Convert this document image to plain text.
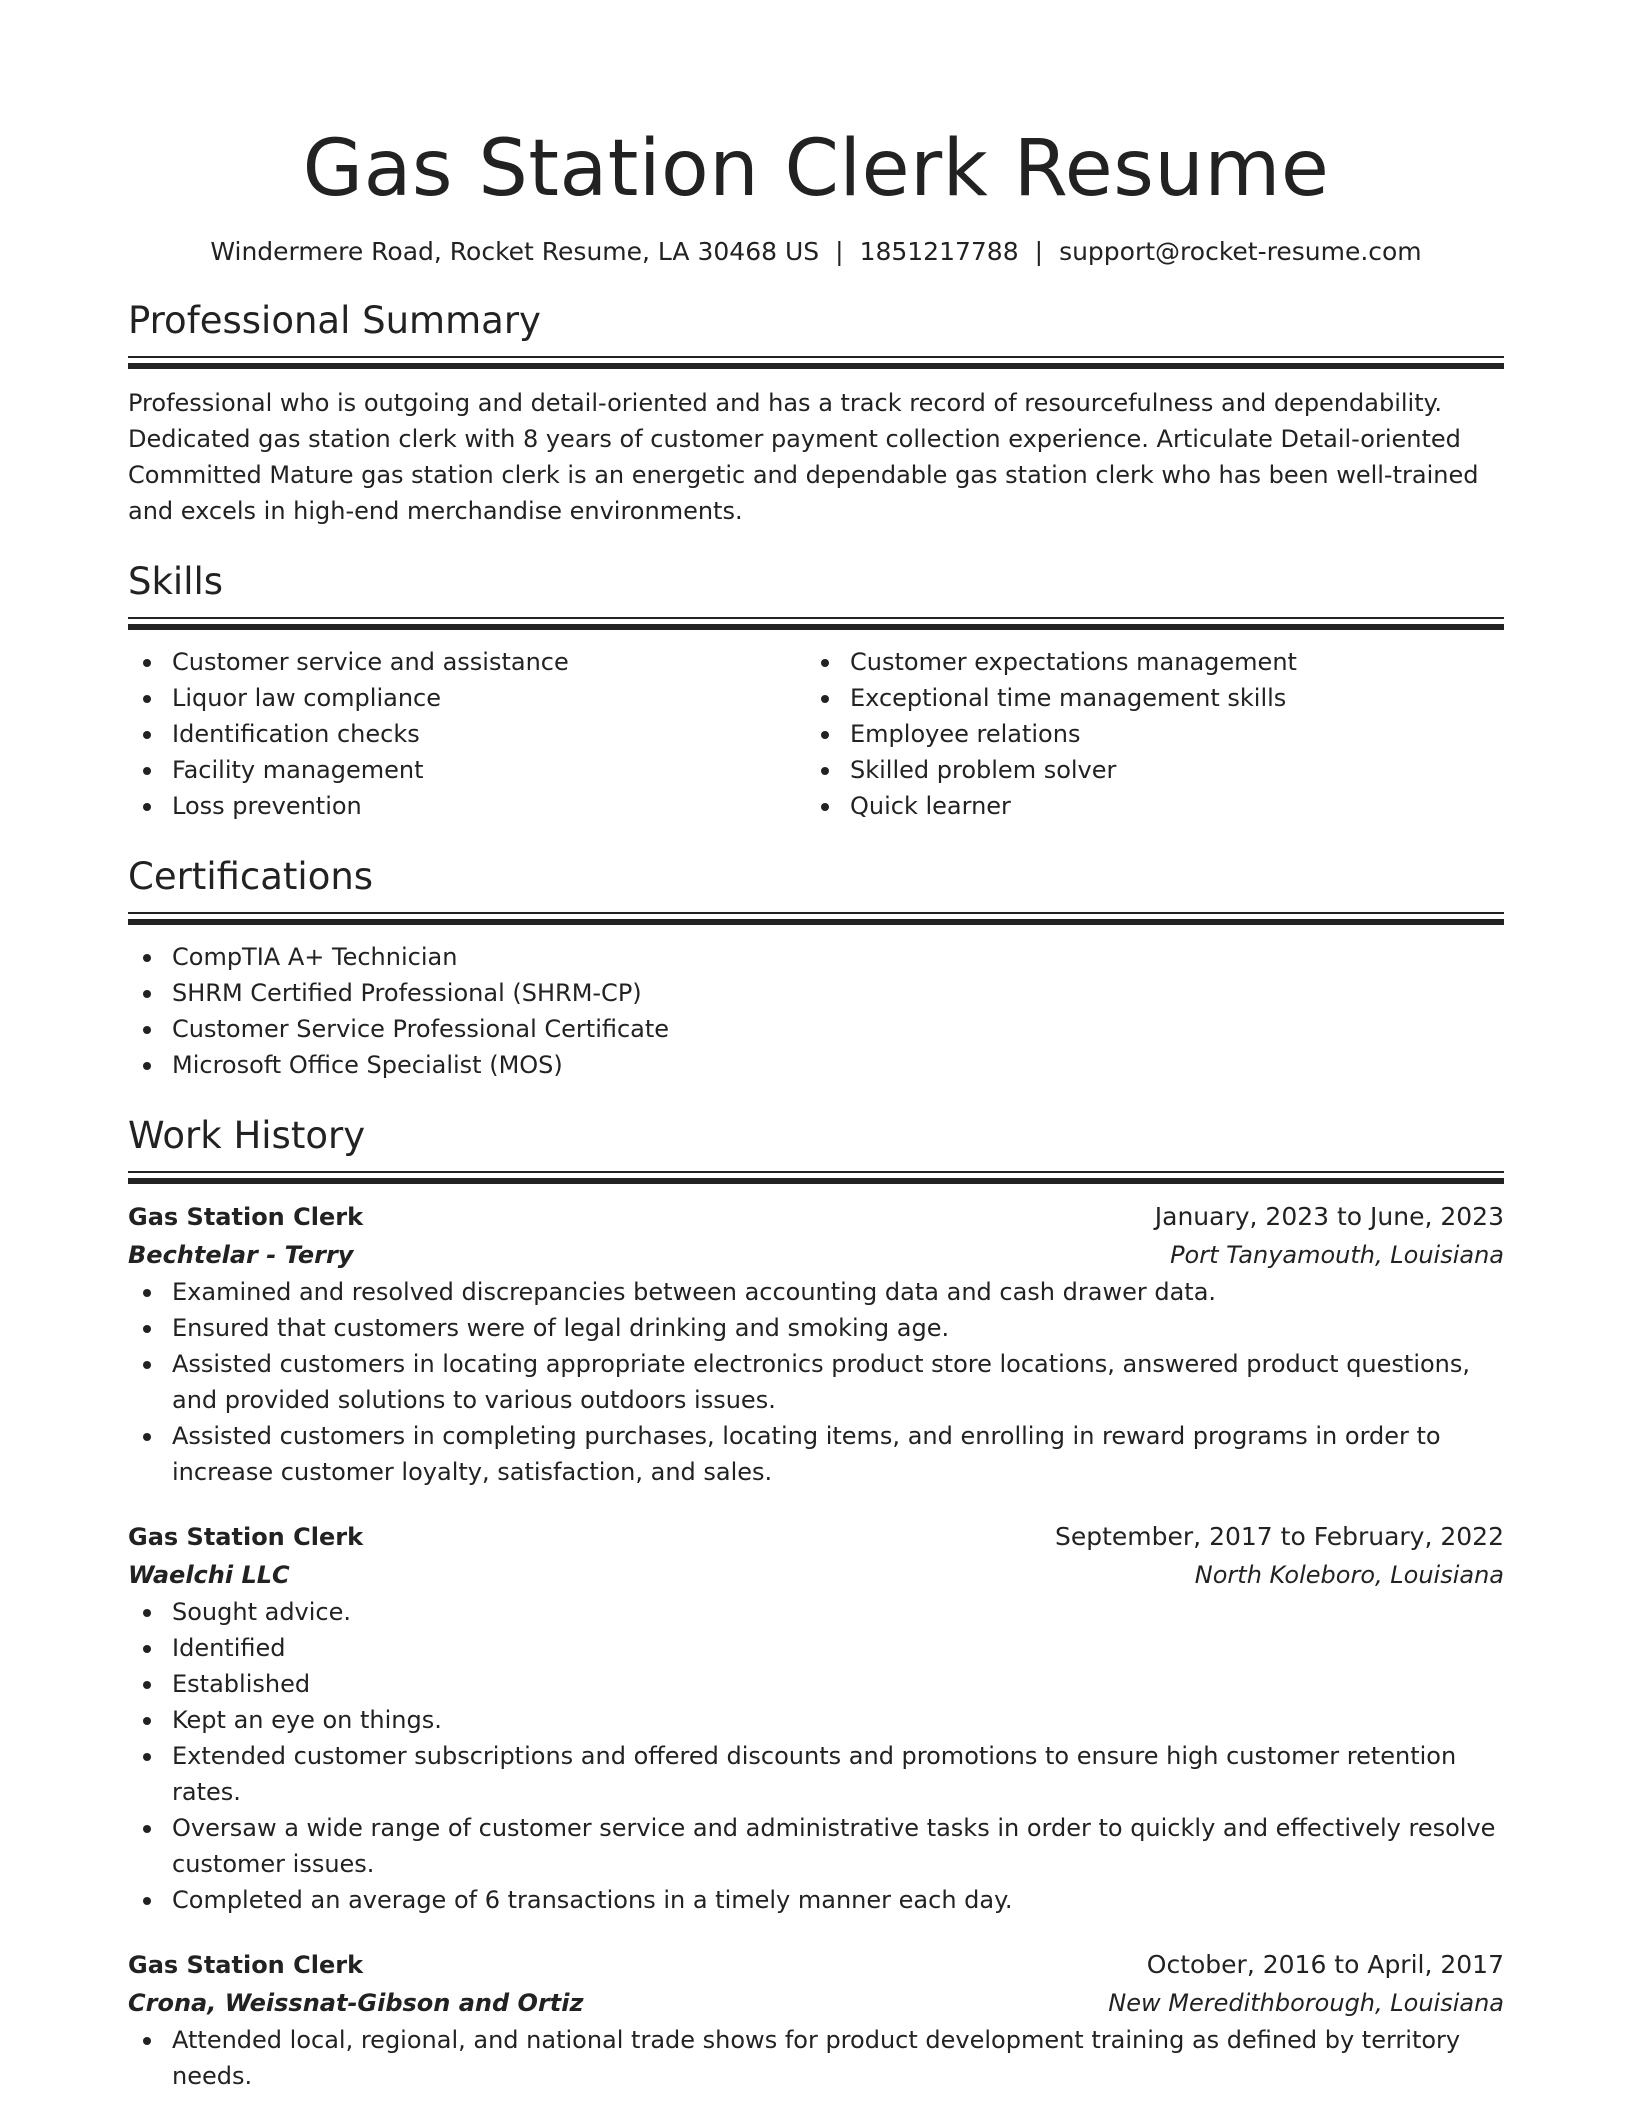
Gas Station Clerk Resume
Windermere Road, Rocket Resume, LA 30468 US | 1851217788 | support@rocket-resume.com
Professional Summary

Professional who is outgoing and detail-oriented and has a track record of resourcefulness and dependability. Dedicated gas station clerk with 8 years of customer payment collection experience. Articulate Detail-oriented Committed Mature gas station clerk is an energetic and dependable gas station clerk who has been well-trained and excels in high-end merchandise environments.

Skills
Customer service and assistance
Liquor law compliance
Identification checks
Facility management
Loss prevention
Customer expectations management
Exceptional time management skills
Employee relations
Skilled problem solver
Quick learner
Certifications
CompTIA A+ Technician
SHRM Certified Professional (SHRM-CP)
Customer Service Professional Certificate
Microsoft Office Specialist (MOS)
Work History
Gas Station Clerk	January, 2023 to June, 2023
Bechtelar - Terry	Port Tanyamouth, Louisiana
Examined and resolved discrepancies between accounting data and cash drawer data.
Ensured that customers were of legal drinking and smoking age.
Assisted customers in locating appropriate electronics product store locations, answered product questions, and provided solutions to various outdoors issues.
Assisted customers in completing purchases, locating items, and enrolling in reward programs in order to increase customer loyalty, satisfaction, and sales.
Gas Station Clerk	September, 2017 to February, 2022
Waelchi LLC	North Koleboro, Louisiana
Sought advice.
Identified
Established
Kept an eye on things.
Extended customer subscriptions and offered discounts and promotions to ensure high customer retention rates.
Oversaw a wide range of customer service and administrative tasks in order to quickly and effectively resolve customer issues.
Completed an average of 6 transactions in a timely manner each day.
Gas Station Clerk	October, 2016 to April, 2017
Crona, Weissnat-Gibson and Ortiz	New Meredithborough, Louisiana
Attended local, regional, and national trade shows for product development training as defined by territory needs.
